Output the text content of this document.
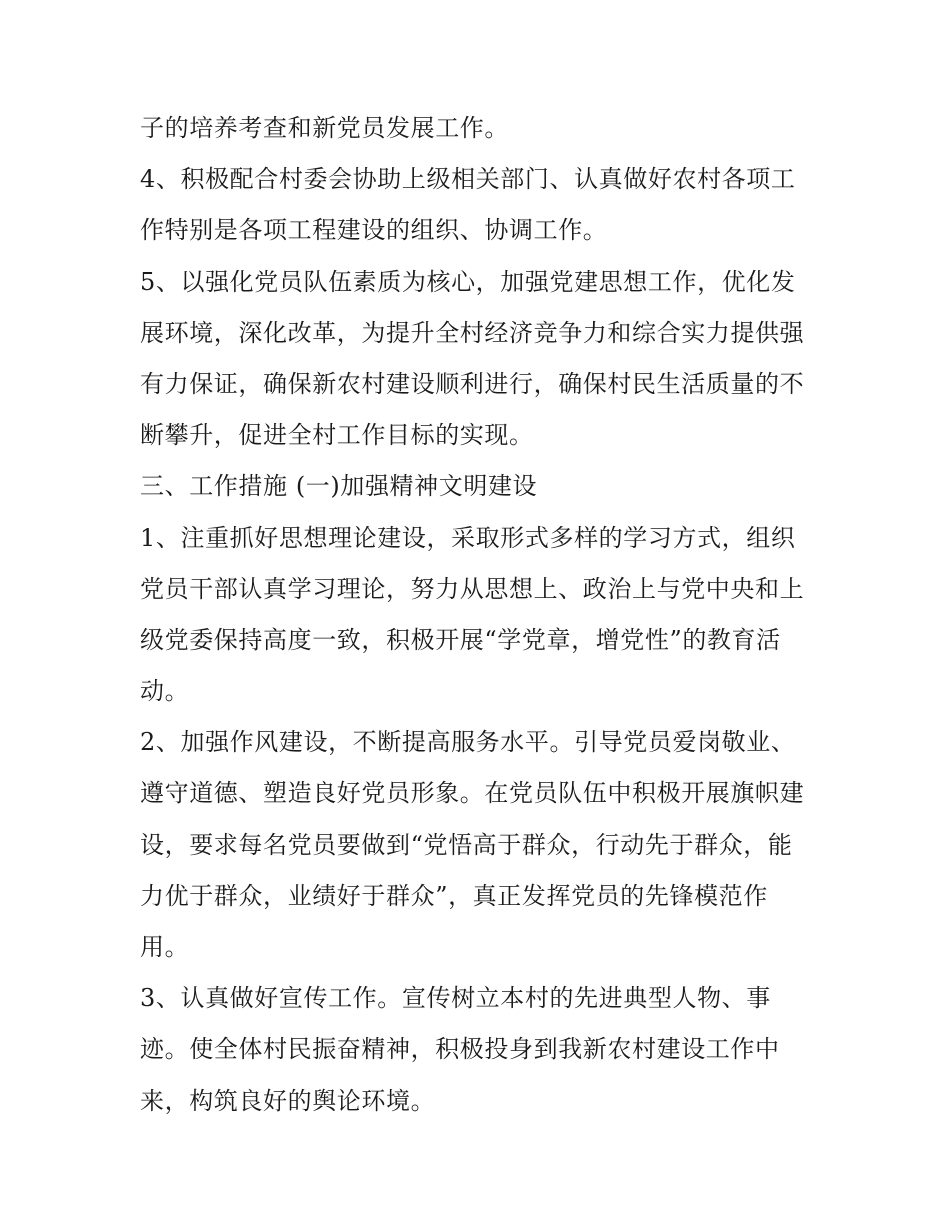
子的培养考查和新党员发展工作。
4、积极配合村委会协助上级相关部门、认真做好农村各项工
作特别是各项工程建设的组织、协调工作。
5、以强化党员队伍素质为核心，加强党建思想工作，优化发
展环境，深化改革，为提升全村经济竞争力和综合实力提供强
有力保证，确保新农村建设顺利进行，确保村民生活质量的不
断攀升，促进全村工作目标的实现。
三、工作措施 (一)加强精神文明建设
1、注重抓好思想理论建设，采取形式多样的学习方式，组织
党员干部认真学习理论，努力从思想上、政治上与党中央和上
级党委保持高度一致，积极开展“学党章，增党性”的教育活
动。
2、加强作风建设，不断提高服务水平。引导党员爱岗敬业、
遵守道德、塑造良好党员形象。在党员队伍中积极开展旗帜建
设，要求每名党员要做到“党悟高于群众，行动先于群众，能
力优于群众，业绩好于群众”，真正发挥党员的先锋模范作
用。
3、认真做好宣传工作。宣传树立本村的先进典型人物、事
迹。使全体村民振奋精神，积极投身到我新农村建设工作中
来，构筑良好的舆论环境。
